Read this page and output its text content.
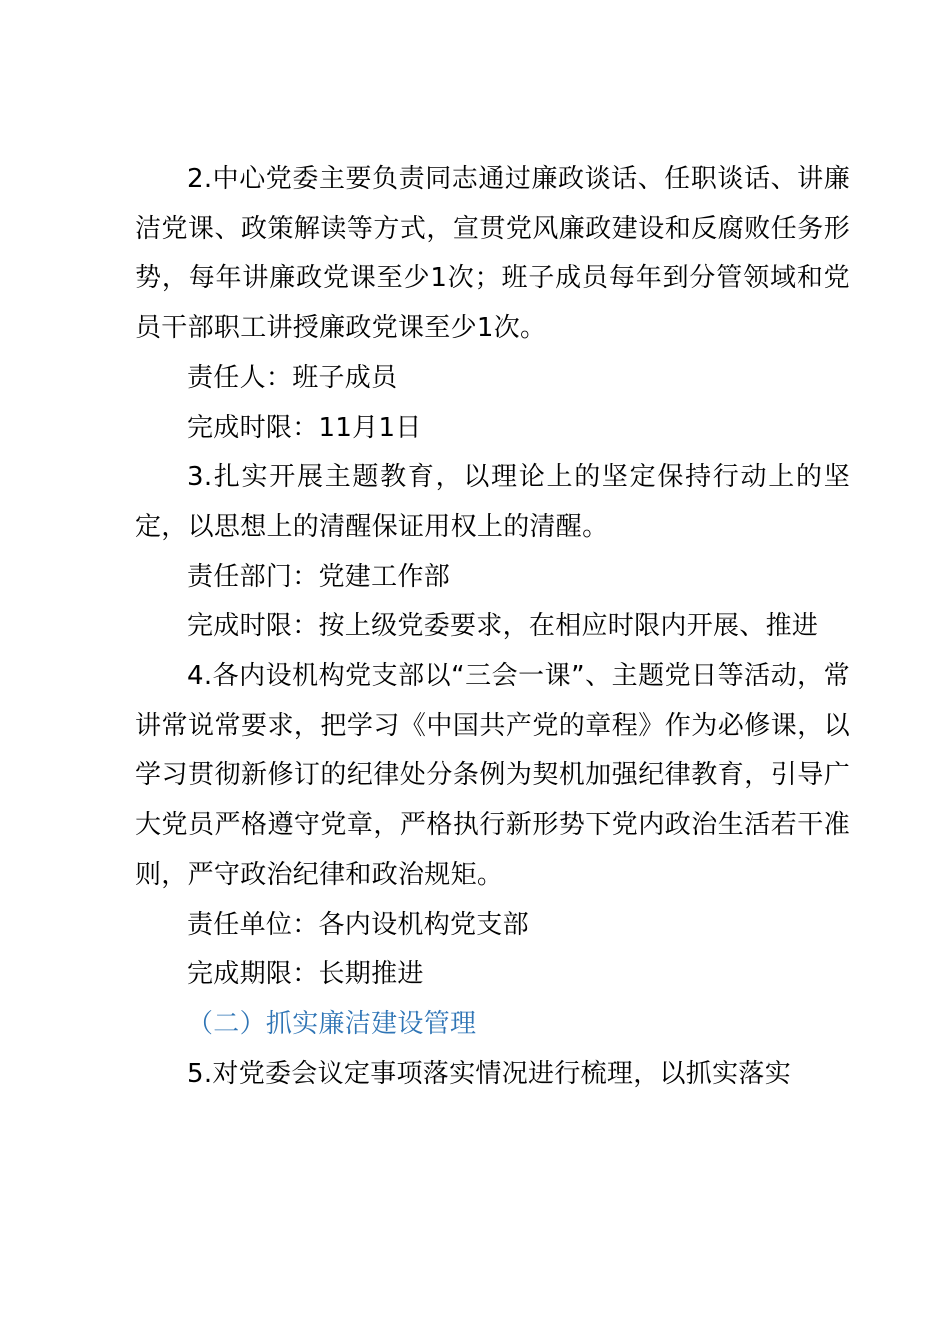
2.中心党委主要负责同志通过廉政谈话、任职谈话、讲廉洁党课、政策解读等方式，宣贯党风廉政建设和反腐败任务形势，每年讲廉政党课至少1次；班子成员每年到分管领域和党员干部职工讲授廉政党课至少1次。

责任人：班子成员

完成时限：11月1日

3.扎实开展主题教育，以理论上的坚定保持行动上的坚定，以思想上的清醒保证用权上的清醒。

责任部门：党建工作部

完成时限：按上级党委要求，在相应时限内开展、推进

4.各内设机构党支部以“三会一课”、主题党日等活动，常讲常说常要求，把学习《中国共产党的章程》作为必修课，以学习贯彻新修订的纪律处分条例为契机加强纪律教育，引导广大党员严格遵守党章，严格执行新形势下党内政治生活若干准则，严守政治纪律和政治规矩。

责任单位：各内设机构党支部

完成期限：长期推进

（二）抓实廉洁建设管理

5.对党委会议定事项落实情况进行梳理，以抓实落实
